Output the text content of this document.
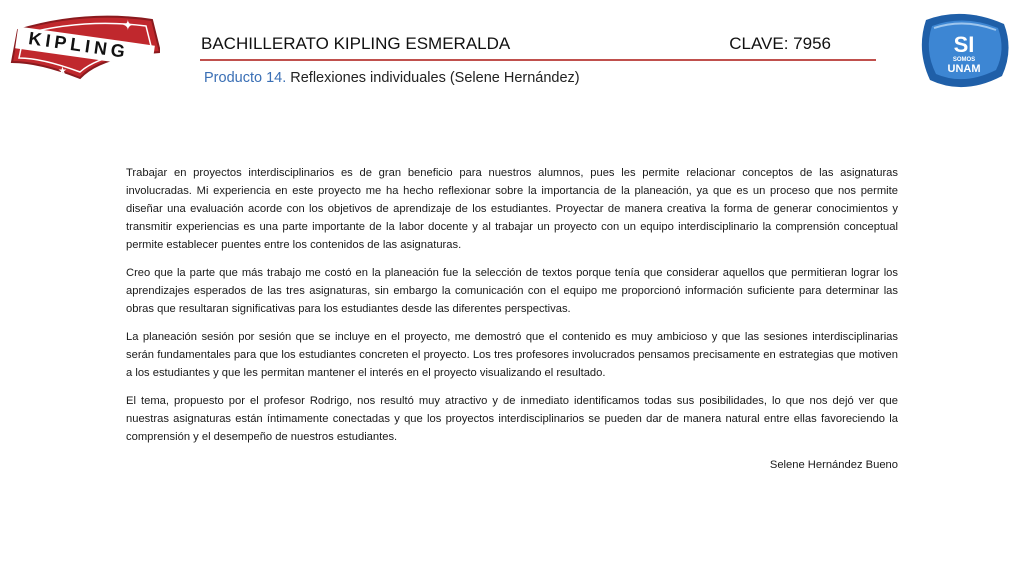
KIPLING
✦
★
SI
SOMOS
UNAM
BACHILLERATO KIPLING ESMERALDA	CLAVE: 7956
Producto 14. Reflexiones individuales (Selene Hernández)

Trabajar en proyectos interdisciplinarios es de gran beneficio para nuestros alumnos, pues les permite relacionar conceptos de las asignaturas involucradas. Mi experiencia en este proyecto me ha hecho reflexionar sobre la importancia de la planeación, ya que es un proceso que nos permite diseñar una evaluación acorde con los objetivos de aprendizaje de los estudiantes. Proyectar de manera creativa la forma de generar conocimientos y transmitir experiencias es una parte importante de la labor docente y al trabajar un proyecto con un equipo interdisciplinario la comprensión conceptual permite establecer puentes entre los contenidos de las asignaturas.

Creo que la parte que más trabajo me costó en la planeación fue la selección de textos porque tenía que considerar aquellos que permitieran lograr los aprendizajes esperados de las tres asignaturas, sin embargo la comunicación con el equipo me proporcionó información suficiente para determinar las obras que resultaran significativas para los estudiantes desde las diferentes perspectivas.

La planeación sesión por sesión que se incluye en el proyecto, me demostró que el contenido es muy ambicioso y que las sesiones interdisciplinarias serán fundamentales para que los estudiantes concreten el proyecto. Los tres profesores involucrados pensamos precisamente en estrategias que motiven a los estudiantes y que les permitan mantener el interés en el proyecto visualizando el resultado.

El tema, propuesto por el profesor Rodrigo, nos resultó muy atractivo y de inmediato identificamos todas sus posibilidades, lo que nos dejó ver que nuestras asignaturas están íntimamente conectadas y que los proyectos interdisciplinarios se pueden dar de manera natural entre ellas favoreciendo la comprensión y el desempeño de nuestros estudiantes.

Selene Hernández Bueno
